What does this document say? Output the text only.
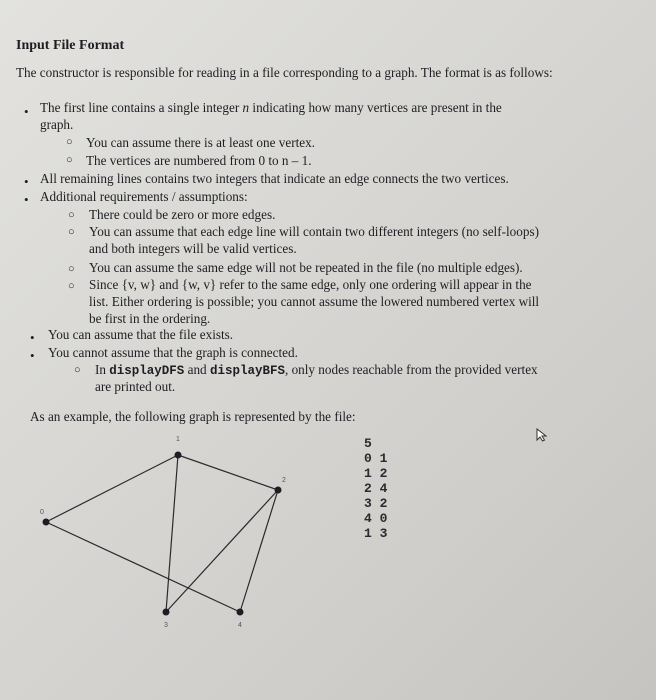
Input File Format

The constructor is responsible for reading in a file corresponding to a graph. The format is as follows:

• The first line contains a single integer n indicating how many vertices are present in the
graph.
○ You can assume there is at least one vertex.
○ The vertices are numbered from 0 to n – 1.
• All remaining lines contains two integers that indicate an edge connects the two vertices.
• Additional requirements / assumptions:
○ There could be zero or more edges.
○ You can assume that each edge line will contain two different integers (no self-loops)
and both integers will be valid vertices.
○ You can assume the same edge will not be repeated in the file (no multiple edges).
○ Since {v, w} and {w, v} refer to the same edge, only one ordering will appear in the
list. Either ordering is possible; you cannot assume the lowered numbered vertex will
be first in the ordering.
• You can assume that the file exists.
• You cannot assume that the graph is connected.
○ In displayDFS and displayBFS, only nodes reachable from the provided vertex
are printed out.
As an example, the following graph is represented by the file:
0
1
2
3	4
5
0 1
1 2
2 4
3 2
4 0
1 3
